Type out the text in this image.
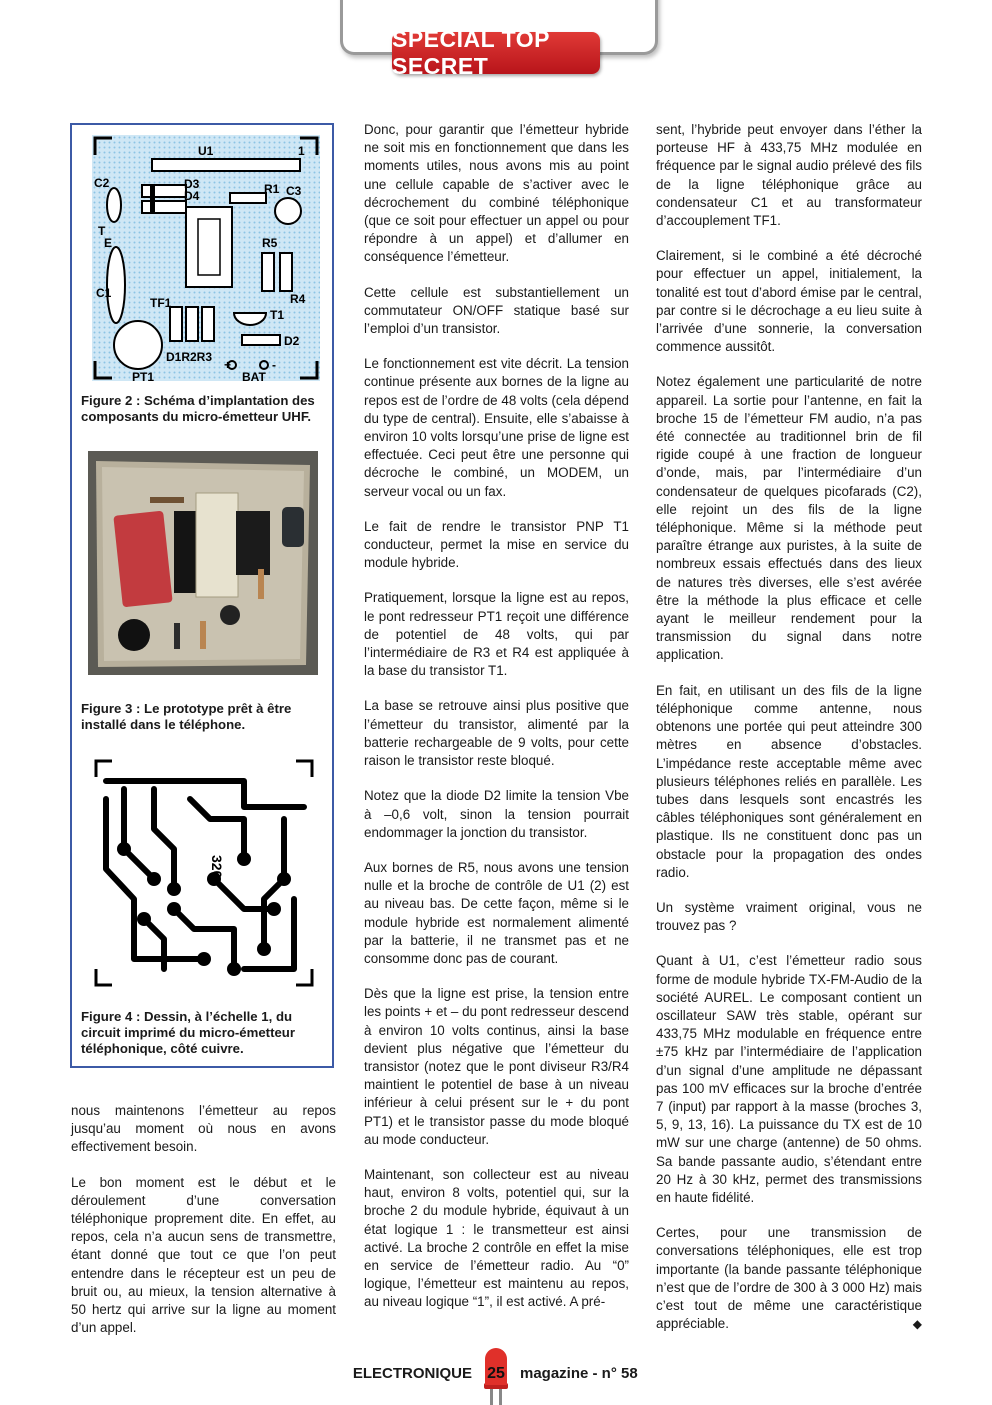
SPÉCIAL TOP SECRET
U1	1
C2	D3
D4	R1 C3
T
E	R5
C1	R4
TF1
T1
D2
D1R2R3
+	-
PT1	BAT
Figure 2 : Schéma d’implantation des composants du micro-émetteur UHF.
Figure 3 : Le prototype prêt à être installé dans le téléphone.
320
Figure 4 : Dessin, à l’échelle 1, du circuit imprimé du micro-émetteur téléphonique, côté cuivre.

nous maintenons l’émetteur au repos jusqu’au moment où nous en avons effectivement besoin.

Le bon moment est le début et le déroulement d’une conversation téléphonique proprement dite. En effet, au repos, cela n’a aucun sens de transmettre, étant donné que tout ce que l’on peut entendre dans le récepteur est un peu de bruit ou, au mieux, la tension alternative à 50 hertz qui arrive sur la ligne au moment d’un appel.

Donc, pour garantir que l’émetteur hybride ne soit mis en fonctionnement que dans les moments utiles, nous avons mis au point une cellule capable de s’activer avec le décrochement du combiné téléphonique (que ce soit pour effectuer un appel ou pour répondre à un appel) et d’allumer en conséquence l’émetteur.

Cette cellule est substantiellement un commutateur ON/OFF statique basé sur l’emploi d’un transistor.

Le fonctionnement est vite décrit. La tension continue présente aux bornes de la ligne au repos est de l’ordre de 48 volts (cela dépend du type de central). Ensuite, elle s’abaisse à environ 10 volts lorsqu’une prise de ligne est effectuée. Ceci peut être une personne qui décroche le combiné, un MODEM, un serveur vocal ou un fax.

Le fait de rendre le transistor PNP T1 conducteur, permet la mise en service du module hybride.

Pratiquement, lorsque la ligne est au repos, le pont redresseur PT1 reçoit une différence de potentiel de 48 volts, qui par l’intermédiaire de R3 et R4 est appliquée à la base du transistor T1.

La base se retrouve ainsi plus positive que l’émetteur du transistor, alimenté par la batterie rechargeable de 9 volts, pour cette raison le transistor reste bloqué.

Notez que la diode D2 limite la tension Vbe à –0,6 volt, sinon la tension pourrait endommager la jonction du transistor.

Aux bornes de R5, nous avons une tension nulle et la broche de contrôle de U1 (2) est au niveau bas. De cette façon, même si le module hybride est normalement alimenté par la batterie, il ne transmet pas et ne consomme donc pas de courant.

Dès que la ligne est prise, la tension entre les points + et – du pont redresseur descend à environ 10 volts continus, ainsi la base devient plus négative que l’émetteur du transistor (notez que le pont diviseur R3/R4 maintient le potentiel de base à un niveau inférieur à celui présent sur le + du pont PT1) et le transistor passe du mode bloqué au mode conducteur.

Maintenant, son collecteur est au niveau haut, environ 8 volts, potentiel qui, sur la broche 2 du module hybride, équivaut à un état logique 1 : le transmetteur est ainsi activé. La broche 2 contrôle en effet la mise en service de l’émetteur radio. Au “0” logique, l’émetteur est maintenu au repos, au niveau logique “1”, il est activé. A pré-

sent, l’hybride peut envoyer dans l’éther la porteuse HF à 433,75 MHz modulée en fréquence par le signal audio prélevé des fils de la ligne téléphonique grâce au condensateur C1 et au transformateur d’accouplement TF1.

Clairement, si le combiné a été décroché pour effectuer un appel, initialement, la tonalité est tout d’abord émise par le central, par contre si le décrochage a eu lieu suite à l’arrivée d’une sonnerie, la conversation commence aussitôt.

Notez également une particularité de notre appareil. La sortie pour l’antenne, en fait la broche 15 de l’émetteur FM audio, n’a pas été connectée au traditionnel brin de fil rigide coupé à une fraction de longueur d’onde, mais, par l’intermédiaire d’un condensateur de quelques picofarads (C2), elle rejoint un des fils de la ligne téléphonique. Même si la méthode peut paraître étrange aux puristes, à la suite de nombreux essais effectués dans des lieux de natures très diverses, elle s’est avérée être la méthode la plus efficace et celle ayant le meilleur rendement pour la transmission du signal dans notre application.

En fait, en utilisant un des fils de la ligne téléphonique comme antenne, nous obtenons une portée qui peut atteindre 300 mètres en absence d’obstacles. L’impédance reste acceptable même avec plusieurs téléphones reliés en parallèle. Les tubes dans lesquels sont encastrés les câbles téléphoniques sont généralement en plastique. Ils ne constituent donc pas un obstacle pour la propagation des ondes radio.

Un système vraiment original, vous ne trouvez pas ?

Quant à U1, c’est l’émetteur radio sous forme de module hybride TX-FM-Audio de la société AUREL. Le composant contient un oscillateur SAW très stable, opérant sur 433,75 MHz modulable en fréquence entre ±75 kHz par l’intermédiaire de l’application d’un signal d’une amplitude ne dépassant pas 100 mV efficaces sur la broche d’entrée 7 (input) par rapport à la masse (broches 3, 5, 9, 13, 16). La puissance du TX est de 10 mW sur une charge (antenne) de 50 ohms. Sa bande passante audio, s’étendant entre 20 Hz à 30 kHz, permet des transmissions en haute fidélité.

Certes, pour une transmission de conversations téléphoniques, elle est trop importante (la bande passante téléphonique n’est que de l’ordre de 300 à 3 000 Hz) mais c’est tout de même une caractéristique appréciable.	◆

ELECTRONIQUE 25 magazine - n° 58
